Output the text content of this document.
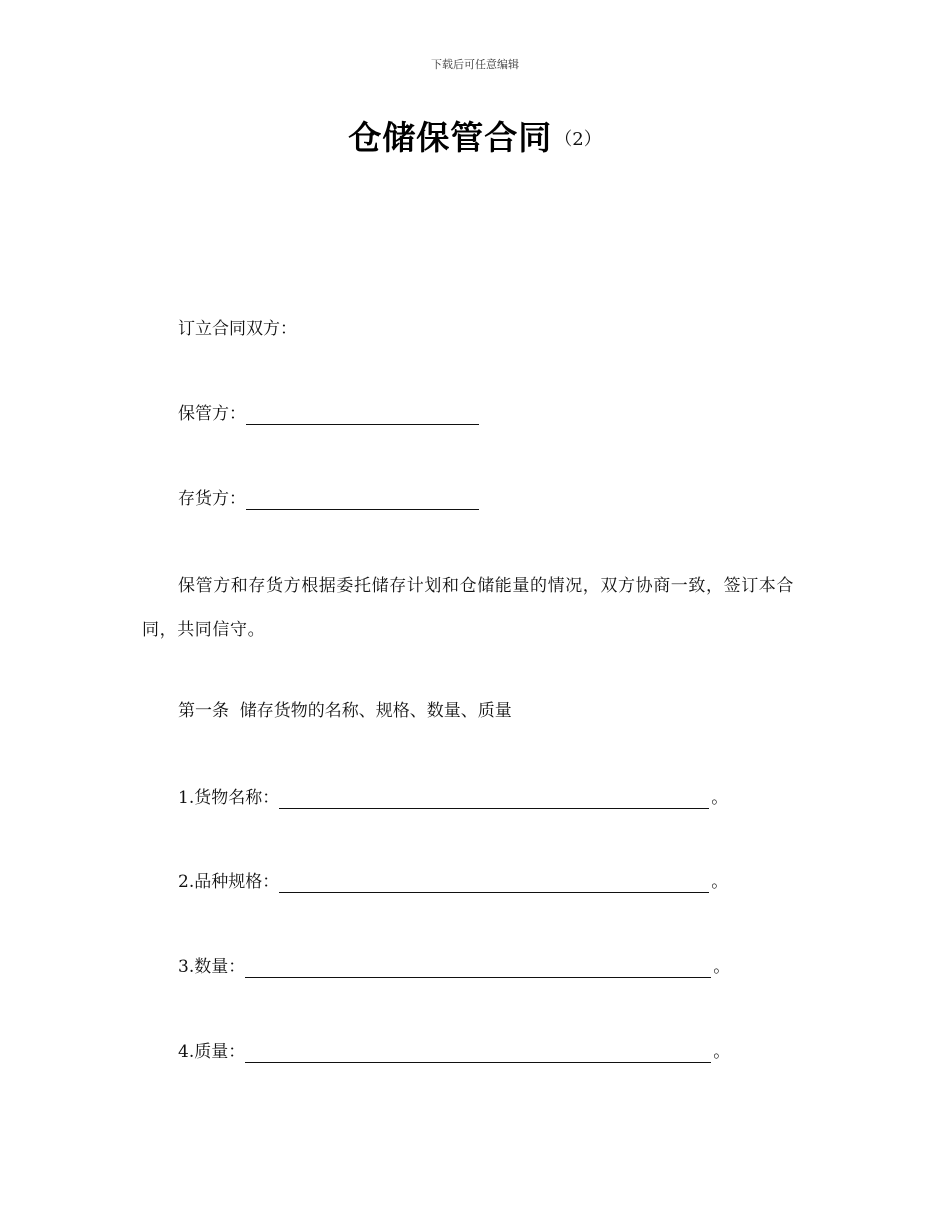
下载后可任意编辑
仓储保管合同 （2）
订立合同双方：
保管方：
存货方：
保管方和存货方根据委托储存计划和仓储能量的情况，双方协商一致，签订本合同，共同信守。
第一条  储存货物的名称、规格、数量、质量
1.货物名称：	。
2.品种规格：	。
3.数量：	。
4.质量：	。
